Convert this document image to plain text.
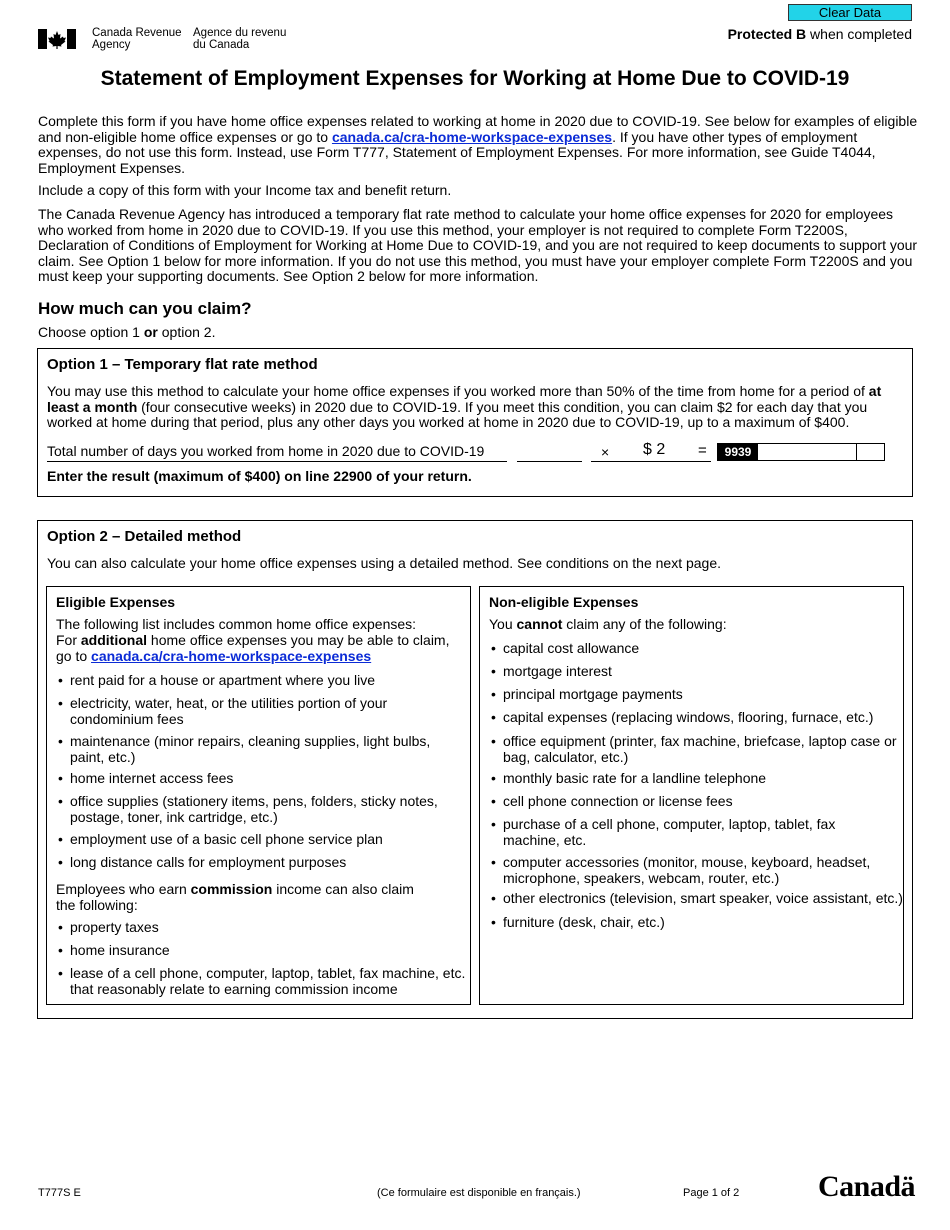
Clear Data
Protected B when completed
Canada Revenue
Agency
Agence du revenu
du Canada
Statement of Employment Expenses for Working at Home Due to COVID-19
Complete this form if you have home office expenses related to working at home in 2020 due to COVID-19. See below for examples of eligible and non-eligible home office expenses or go to canada.ca/cra-home-workspace-expenses. If you have other types of employment expenses, do not use this form. Instead, use Form T777, Statement of Employment Expenses. For more information, see Guide T4044, Employment Expenses.
Include a copy of this form with your Income tax and benefit return.
The Canada Revenue Agency has introduced a temporary flat rate method to calculate your home office expenses for 2020 for employees who worked from home in 2020 due to COVID-19. If you use this method, your employer is not required to complete Form T2200S, Declaration of Conditions of Employment for Working at Home Due to COVID-19, and you are not required to keep documents to support your claim. See Option 1 below for more information. If you do not use this method, you must have your employer complete Form T2200S and you must keep your supporting documents. See Option 2 below for more information.
How much can you claim?
Choose option 1 or option 2.
Option 1 – Temporary flat rate method
You may use this method to calculate your home office expenses if you worked more than 50% of the time from home for a period of at least a month (four consecutive weeks) in 2020 due to COVID-19. If you meet this condition, you can claim $2 for each day that you worked at home during that period, plus any other days you worked at home in 2020 due to COVID-19, up to a maximum of $400.
Total number of days you worked from home in 2020 due to COVID-19	× $ 2 =	9939
Enter the result (maximum of $400) on line 22900 of your return.
Option 2 – Detailed method
You can also calculate your home office expenses using a detailed method. See conditions on the next page.
Eligible Expenses
The following list includes common home office expenses:
For additional home office expenses you may be able to claim,
go to canada.ca/cra-home-workspace-expenses
• rent paid for a house or apartment where you live
• electricity, water, heat, or the utilities portion of your condominium fees
• maintenance (minor repairs, cleaning supplies, light bulbs, paint, etc.)
• home internet access fees
• office supplies (stationery items, pens, folders, sticky notes, postage, toner, ink cartridge, etc.)
• employment use of a basic cell phone service plan
• long distance calls for employment purposes
Employees who earn commission income can also claim the following:
• property taxes
• home insurance
• lease of a cell phone, computer, laptop, tablet, fax machine, etc. that reasonably relate to earning commission income
Non-eligible Expenses
You cannot claim any of the following:
• capital cost allowance
• mortgage interest
• principal mortgage payments
• capital expenses (replacing windows, flooring, furnace, etc.)
• office equipment (printer, fax machine, briefcase, laptop case or bag, calculator, etc.)
• monthly basic rate for a landline telephone
• cell phone connection or license fees
• purchase of a cell phone, computer, laptop, tablet, fax machine, etc.
• computer accessories (monitor, mouse, keyboard, headset, microphone, speakers, webcam, router, etc.)
• other electronics (television, smart speaker, voice assistant, etc.)
• furniture (desk, chair, etc.)
T777S E	(Ce formulaire est disponible en français.)	Page 1 of 2	Canadä
